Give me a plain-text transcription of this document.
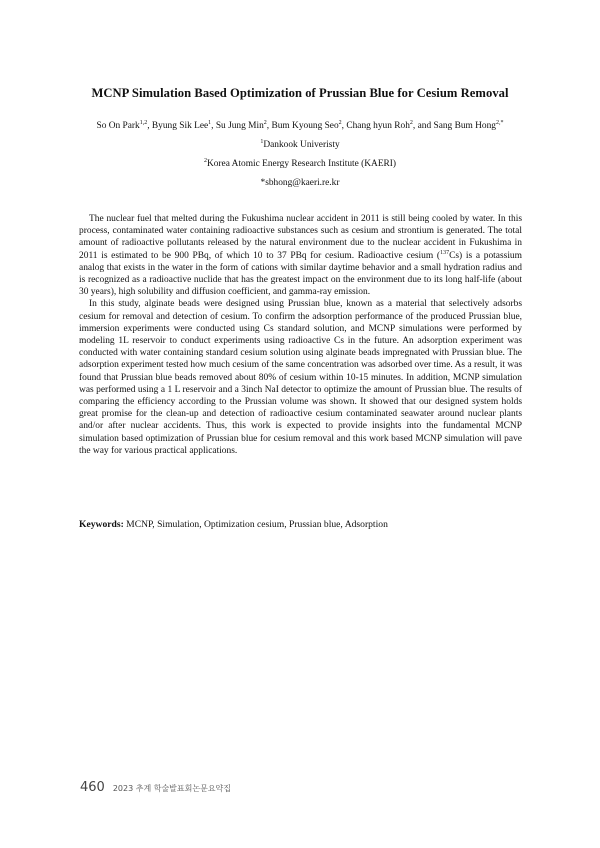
MCNP Simulation Based Optimization of Prussian Blue for Cesium Removal
So On Park$^{1,2}$, Byung Sik Lee$^1$, Su Jung Min$^2$, Bum Kyoung Seo$^2$, Chang hyun Roh$^2$, and Sang Bum Hong$^{2,*}$
$^1$Dankook Univeristy
$^2$Korea Atomic Energy Research Institute (KAERI)
*sbhong@kaeri.re.kr

The nuclear fuel that melted during the Fukushima nuclear accident in 2011 is still being cooled by water. In this process, contaminated water containing radioactive substances such as cesium and strontium is generated. The total amount of radioactive pollutants released by the natural environment due to the nuclear accident in Fukushima in 2011 is estimated to be 900 PBq, of which 10 to 37 PBq for cesium. Radioactive cesium ($^{137}$Cs) is a potassium analog that exists in the water in the form of cations with similar daytime behavior and a small hydration radius and is recognized as a radioactive nuclide that has the greatest impact on the environment due to its long half-life (about 30 years), high solubility and diffusion coefficient, and gamma-ray emission.

In this study, alginate beads were designed using Prussian blue, known as a material that selectively adsorbs cesium for removal and detection of cesium. To confirm the adsorption performance of the produced Prussian blue, immersion experiments were conducted using Cs standard solution, and MCNP simulations were performed by modeling 1L reservoir to conduct experiments using radioactive Cs in the future. An adsorption experiment was conducted with water containing standard cesium solution using alginate beads impregnated with Prussian blue. The adsorption experiment tested how much cesium of the same concentration was adsorbed over time. As a result, it was found that Prussian blue beads removed about 80% of cesium within 10-15 minutes. In addition, MCNP simulation was performed using a 1 L reservoir and a 3inch NaI detector to optimize the amount of Prussian blue. The results of comparing the efficiency according to the Prussian volume was shown. It showed that our designed system holds great promise for the clean-up and detection of radioactive cesium contaminated seawater around nuclear plants and/or after nuclear accidents. Thus, this work is expected to provide insights into the fundamental MCNP simulation based optimization of Prussian blue for cesium removal and this work based MCNP simulation will pave the way for various practical applications.

Keywords: MCNP, Simulation, Optimization cesium, Prussian blue, Adsorption
460 2023 추계 학술발표회논문요약집
